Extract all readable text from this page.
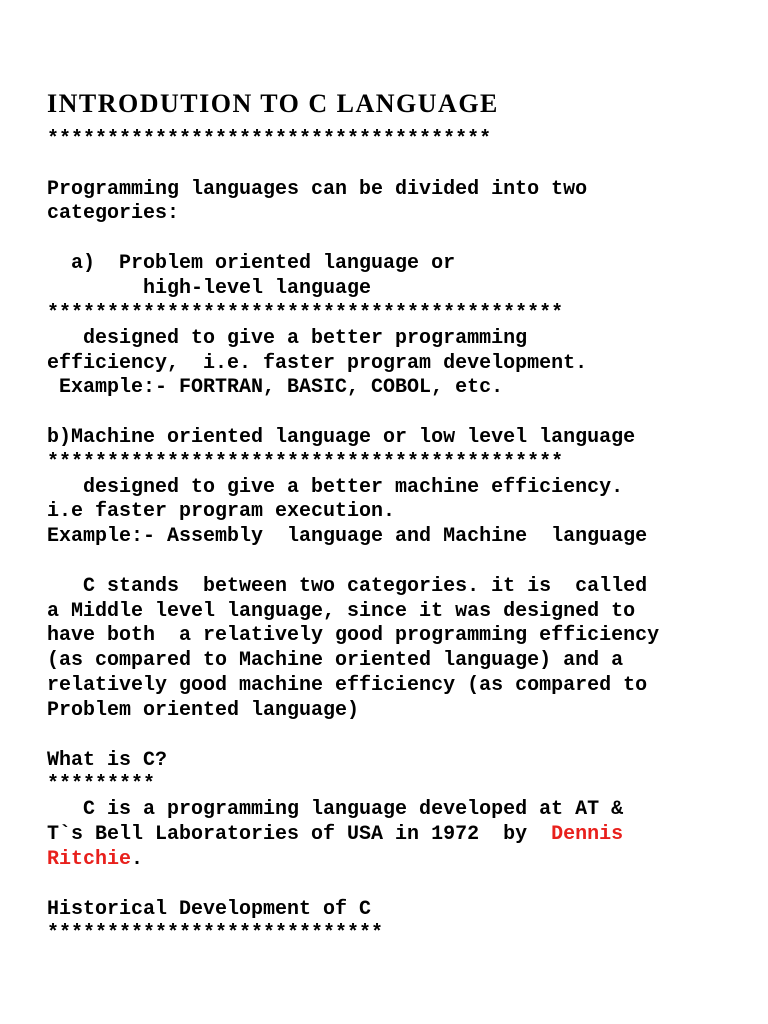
INTRODUTION TO C LANGUAGE
*************************************
Programming languages can be divided into two
categories:
a)  Problem oriented language or
high-level language
*******************************************
designed to give a better programming
efficiency,  i.e. faster program development.
Example:- FORTRAN, BASIC, COBOL, etc.
b)Machine oriented language or low level language
*******************************************
designed to give a better machine efficiency.
i.e faster program execution.
Example:- Assembly  language and Machine  language
C stands  between two categories. it is  called
a Middle level language, since it was designed to
have both  a relatively good programming efficiency
(as compared to Machine oriented language) and a
relatively good machine efficiency (as compared to
Problem oriented language)
What is C?
*********
C is a programming language developed at AT &
T`s Bell Laboratories of USA in 1972  by  Dennis
Ritchie.
Historical Development of C
****************************
